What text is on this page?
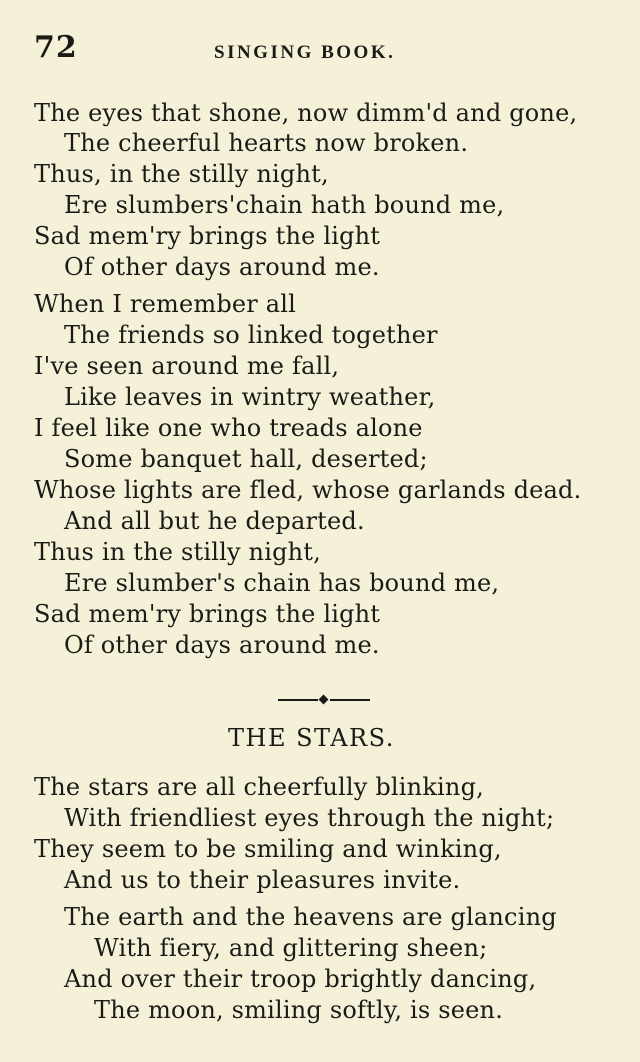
72	SINGING BOOK.
The eyes that shone, now dimm'd and gone,
The cheerful hearts now broken.
Thus, in the stilly night,
Ere slumbers'chain hath bound me,
Sad mem'ry brings the light
Of other days around me.
When I remember all
The friends so linked together
I've seen around me fall,
Like leaves in wintry weather,
I feel like one who treads alone
Some banquet hall, deserted;
Whose lights are fled, whose garlands dead.
And all but he departed.
Thus in the stilly night,
Ere slumber's chain has bound me,
Sad mem'ry brings the light
Of other days around me.
THE STARS.
The stars are all cheerfully blinking,
With friendliest eyes through the night;
They seem to be smiling and winking,
And us to their pleasures invite.
The earth and the heavens are glancing
With fiery, and glittering sheen;
And over their troop brightly dancing,
The moon, smiling softly, is seen.
